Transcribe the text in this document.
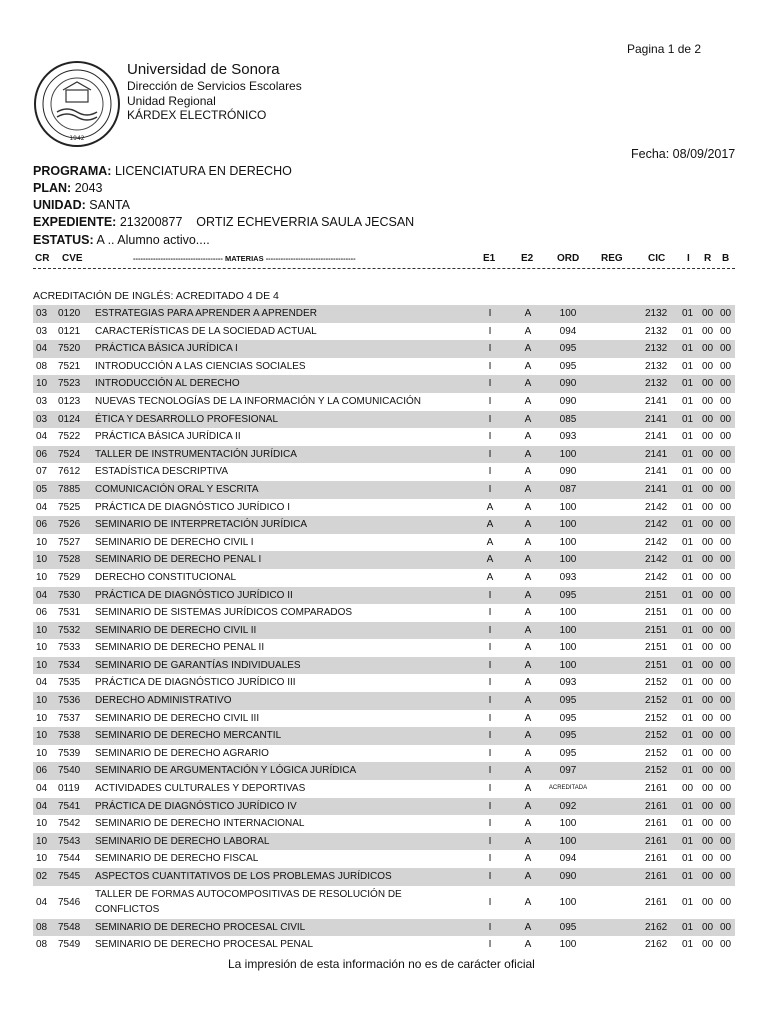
Pagina 1 de 2
1942
Universidad de Sonora
Dirección de Servicios Escolares
Unidad Regional
KÁRDEX ELECTRÓNICO
Fecha: 08/09/2017
PROGRAMA: LICENCIATURA EN DERECHO
PLAN: 2043
UNIDAD: SANTA
EXPEDIENTE: 213200877    ORTIZ ECHEVERRIA SAULA JECSAN
ESTATUS: A .. Alumno activo....
CR CVE	------------------------------------ MATERIAS ------------------------------------	E1	E2 ORD REG	CIC I R B
ACREDITACIÓN DE INGLÉS: ACREDITADO 4 DE 4
03 0120 ESTRATEGIAS PARA APRENDER A APRENDER	I	A	100	2132 01 00 00
03 0121 CARACTERÍSTICAS DE LA SOCIEDAD ACTUAL	I	A	094	2132 01 00 00
04 7520 PRÁCTICA BÁSICA JURÍDICA I	I	A	095	2132 01 00 00
08 7521 INTRODUCCIÓN A LAS CIENCIAS SOCIALES	I	A	095	2132 01 00 00
10 7523 INTRODUCCIÓN AL DERECHO	I	A	090	2132 01 00 00
03 0123 NUEVAS TECNOLOGÍAS DE LA INFORMACIÓN Y LA COMUNICACIÓN	I	A	090	2141 01 00 00
03 0124 ÉTICA Y DESARROLLO PROFESIONAL	I	A	085	2141 01 00 00
04 7522 PRÁCTICA BÁSICA JURÍDICA II	I	A	093	2141 01 00 00
06 7524 TALLER DE INSTRUMENTACIÓN JURÍDICA	I	A	100	2141 01 00 00
07 7612 ESTADÍSTICA DESCRIPTIVA	I	A	090	2141 01 00 00
05 7885 COMUNICACIÓN ORAL Y ESCRITA	I	A	087	2141 01 00 00
04 7525 PRÁCTICA DE DIAGNÓSTICO JURÍDICO I	A	A	100	2142 01 00 00
06 7526 SEMINARIO DE INTERPRETACIÓN JURÍDICA	A	A	100	2142 01 00 00
10 7527 SEMINARIO DE DERECHO CIVIL I	A	A	100	2142 01 00 00
10 7528 SEMINARIO DE DERECHO PENAL I	A	A	100	2142 01 00 00
10 7529 DERECHO CONSTITUCIONAL	A	A	093	2142 01 00 00
04 7530 PRÁCTICA DE DIAGNÓSTICO JURÍDICO II	I	A	095	2151 01 00 00
06 7531 SEMINARIO DE SISTEMAS JURÍDICOS COMPARADOS	I	A	100	2151 01 00 00
10 7532 SEMINARIO DE DERECHO CIVIL II	I	A	100	2151 01 00 00
10 7533 SEMINARIO DE DERECHO PENAL II	I	A	100	2151 01 00 00
10 7534 SEMINARIO DE GARANTÍAS INDIVIDUALES	I	A	100	2151 01 00 00
04 7535 PRÁCTICA DE DIAGNÓSTICO JURÍDICO III	I	A	093	2152 01 00 00
10 7536 DERECHO ADMINISTRATIVO	I	A	095	2152 01 00 00
10 7537 SEMINARIO DE DERECHO CIVIL III	I	A	095	2152 01 00 00
10 7538 SEMINARIO DE DERECHO MERCANTIL	I	A	095	2152 01 00 00
10 7539 SEMINARIO DE DERECHO AGRARIO	I	A	095	2152 01 00 00
06 7540 SEMINARIO DE ARGUMENTACIÓN Y LÓGICA JURÍDICA	I	A	097	2152 01 00 00
04 0119 ACTIVIDADES CULTURALES Y DEPORTIVAS	I	A	ACREDITADA	2161 00 00 00
04 7541 PRÁCTICA DE DIAGNÓSTICO JURÍDICO IV	I	A	092	2161 01 00 00
10 7542 SEMINARIO DE DERECHO INTERNACIONAL	I	A	100	2161 01 00 00
10 7543 SEMINARIO DE DERECHO LABORAL	I	A	100	2161 01 00 00
10 7544 SEMINARIO DE DERECHO FISCAL	I	A	094	2161 01 00 00
02 7545 ASPECTOS CUANTITATIVOS DE LOS PROBLEMAS JURÍDICOS	I	A	090	2161 01 00 00
04 7546
TALLER DE FORMAS AUTOCOMPOSITIVAS DE RESOLUCIÓN DE CONFLICTOS
I	A	100	2161 01 00 00
08 7548 SEMINARIO DE DERECHO PROCESAL CIVIL	I	A	095	2162 01 00 00
08 7549 SEMINARIO DE DERECHO PROCESAL PENAL	I	A	100	2162 01 00 00
La impresión de esta información no es de carácter oficial
